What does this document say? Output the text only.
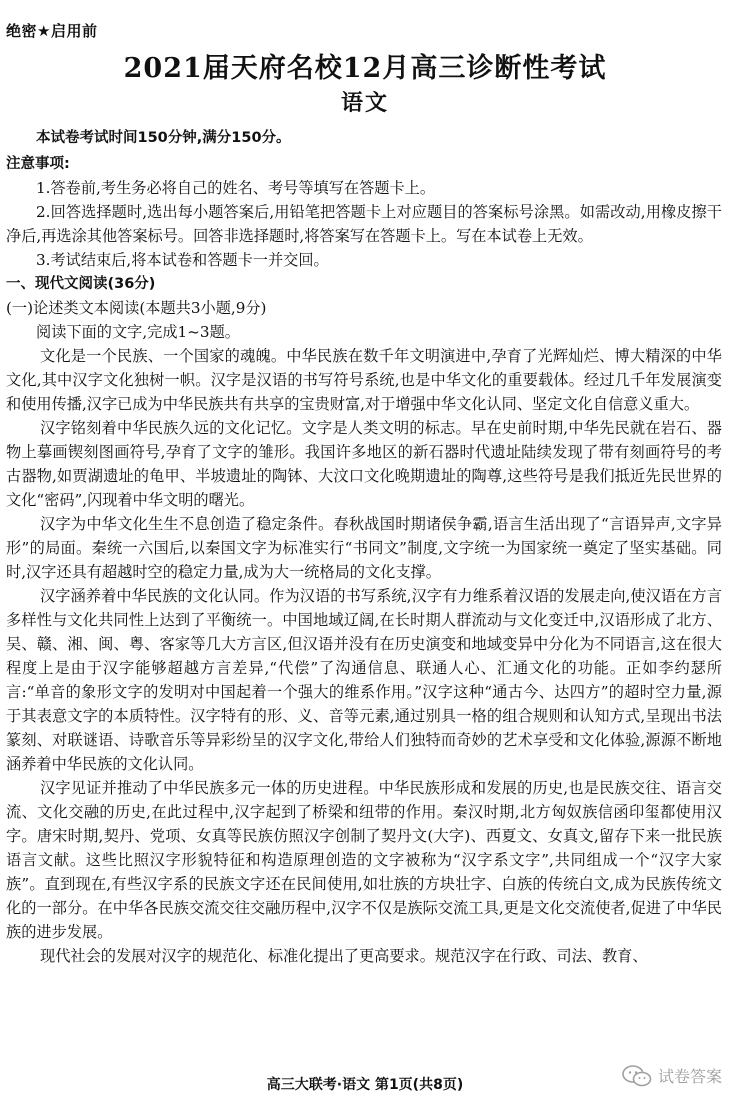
绝密★启用前
2021届天府名校12月高三诊断性考试
语文
本试卷考试时间150分钟,满分150分。
注意事项:
1.答卷前,考生务必将自己的姓名、考号等填写在答题卡上。
2.回答选择题时,选出每小题答案后,用铅笔把答题卡上对应题目的答案标号涂黑。如需改动,用橡皮擦干净后,再选涂其他答案标号。回答非选择题时,将答案写在答题卡上。写在本试卷上无效。
3.考试结束后,将本试卷和答题卡一并交回。
一、现代文阅读(36分)
(一)论述类文本阅读(本题共3小题,9分)
阅读下面的文字,完成1~3题。
文化是一个民族、一个国家的魂魄。中华民族在数千年文明演进中,孕育了光辉灿烂、博大精深的中华文化,其中汉字文化独树一帜。汉字是汉语的书写符号系统,也是中华文化的重要载体。经过几千年发展演变和使用传播,汉字已成为中华民族共有共享的宝贵财富,对于增强中华文化认同、坚定文化自信意义重大。
汉字铭刻着中华民族久远的文化记忆。文字是人类文明的标志。早在史前时期,中华先民就在岩石、器物上摹画锲刻图画符号,孕育了文字的雏形。我国许多地区的新石器时代遗址陆续发现了带有刻画符号的考古器物,如贾湖遗址的龟甲、半坡遗址的陶钵、大汶口文化晚期遗址的陶尊,这些符号是我们抵近先民世界的文化“密码”,闪现着中华文明的曙光。
汉字为中华文化生生不息创造了稳定条件。春秋战国时期诸侯争霸,语言生活出现了“言语异声,文字异形”的局面。秦统一六国后,以秦国文字为标准实行“书同文”制度,文字统一为国家统一奠定了坚实基础。同时,汉字还具有超越时空的稳定力量,成为大一统格局的文化支撑。
汉字涵养着中华民族的文化认同。作为汉语的书写系统,汉字有力维系着汉语的发展走向,使汉语在方言多样性与文化共同性上达到了平衡统一。中国地域辽阔,在长时期人群流动与文化变迁中,汉语形成了北方、吴、赣、湘、闽、粤、客家等几大方言区,但汉语并没有在历史演变和地域变异中分化为不同语言,这在很大程度上是由于汉字能够超越方言差异,“代偿”了沟通信息、联通人心、汇通文化的功能。正如李约瑟所言:“单音的象形文字的发明对中国起着一个强大的维系作用。”汉字这种“通古今、达四方”的超时空力量,源于其表意文字的本质特性。汉字特有的形、义、音等元素,通过别具一格的组合规则和认知方式,呈现出书法篆刻、对联谜语、诗歌音乐等异彩纷呈的汉字文化,带给人们独特而奇妙的艺术享受和文化体验,源源不断地涵养着中华民族的文化认同。
汉字见证并推动了中华民族多元一体的历史进程。中华民族形成和发展的历史,也是民族交往、语言交流、文化交融的历史,在此过程中,汉字起到了桥梁和纽带的作用。秦汉时期,北方匈奴族信函印玺都使用汉字。唐宋时期,契丹、党项、女真等民族仿照汉字创制了契丹文(大字)、西夏文、女真文,留存下来一批民族语言文献。这些比照汉字形貌特征和构造原理创造的文字被称为“汉字系文字”,共同组成一个“汉字大家族”。直到现在,有些汉字系的民族文字还在民间使用,如壮族的方块壮字、白族的传统白文,成为民族传统文化的一部分。在中华各民族交流交往交融历程中,汉字不仅是族际交流工具,更是文化交流使者,促进了中华民族的进步发展。
现代社会的发展对汉字的规范化、标准化提出了更高要求。规范汉字在行政、司法、教育、
高三大联考·语文 第1页(共8页)	试卷答案
